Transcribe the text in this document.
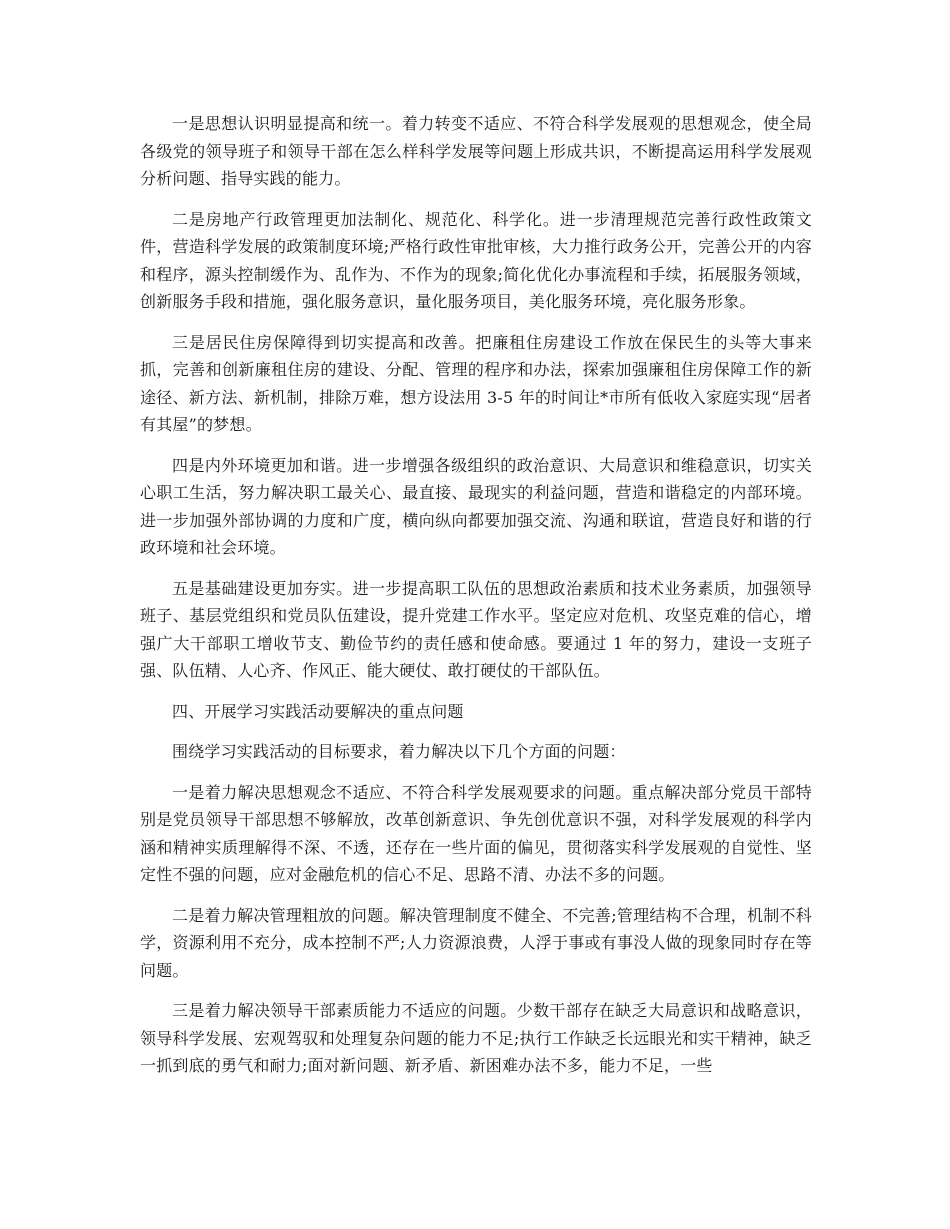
一是思想认识明显提高和统一。着力转变不适应、不符合科学发展观的思想观念，使全局各级党的领导班子和领导干部在怎么样科学发展等问题上形成共识，不断提高运用科学发展观分析问题、指导实践的能力。

二是房地产行政管理更加法制化、规范化、科学化。进一步清理规范完善行政性政策文件，营造科学发展的政策制度环境;严格行政性审批审核，大力推行政务公开，完善公开的内容和程序，源头控制缓作为、乱作为、不作为的现象;简化优化办事流程和手续，拓展服务领域，创新服务手段和措施，强化服务意识，量化服务项目，美化服务环境，亮化服务形象。

三是居民住房保障得到切实提高和改善。把廉租住房建设工作放在保民生的头等大事来抓，完善和创新廉租住房的建设、分配、管理的程序和办法，探索加强廉租住房保障工作的新途径、新方法、新机制，排除万难，想方设法用 3-5 年的时间让*市所有低收入家庭实现“居者有其屋”的梦想。

四是内外环境更加和谐。进一步增强各级组织的政治意识、大局意识和维稳意识，切实关心职工生活，努力解决职工最关心、最直接、最现实的利益问题，营造和谐稳定的内部环境。进一步加强外部协调的力度和广度，横向纵向都要加强交流、沟通和联谊，营造良好和谐的行政环境和社会环境。

五是基础建设更加夯实。进一步提高职工队伍的思想政治素质和技术业务素质，加强领导班子、基层党组织和党员队伍建设，提升党建工作水平。坚定应对危机、攻坚克难的信心，增强广大干部职工增收节支、勤俭节约的责任感和使命感。要通过 1 年的努力，建设一支班子强、队伍精、人心齐、作风正、能大硬仗、敢打硬仗的干部队伍。

四、开展学习实践活动要解决的重点问题

围绕学习实践活动的目标要求，着力解决以下几个方面的问题：

一是着力解决思想观念不适应、不符合科学发展观要求的问题。重点解决部分党员干部特别是党员领导干部思想不够解放，改革创新意识、争先创优意识不强，对科学发展观的科学内涵和精神实质理解得不深、不透，还存在一些片面的偏见，贯彻落实科学发展观的自觉性、坚定性不强的问题，应对金融危机的信心不足、思路不清、办法不多的问题。

二是着力解决管理粗放的问题。解决管理制度不健全、不完善;管理结构不合理，机制不科学，资源利用不充分，成本控制不严;人力资源浪费，人浮于事或有事没人做的现象同时存在等问题。

三是着力解决领导干部素质能力不适应的问题。少数干部存在缺乏大局意识和战略意识，领导科学发展、宏观驾驭和处理复杂问题的能力不足;执行工作缺乏长远眼光和实干精神，缺乏一抓到底的勇气和耐力;面对新问题、新矛盾、新困难办法不多，能力不足，一些
